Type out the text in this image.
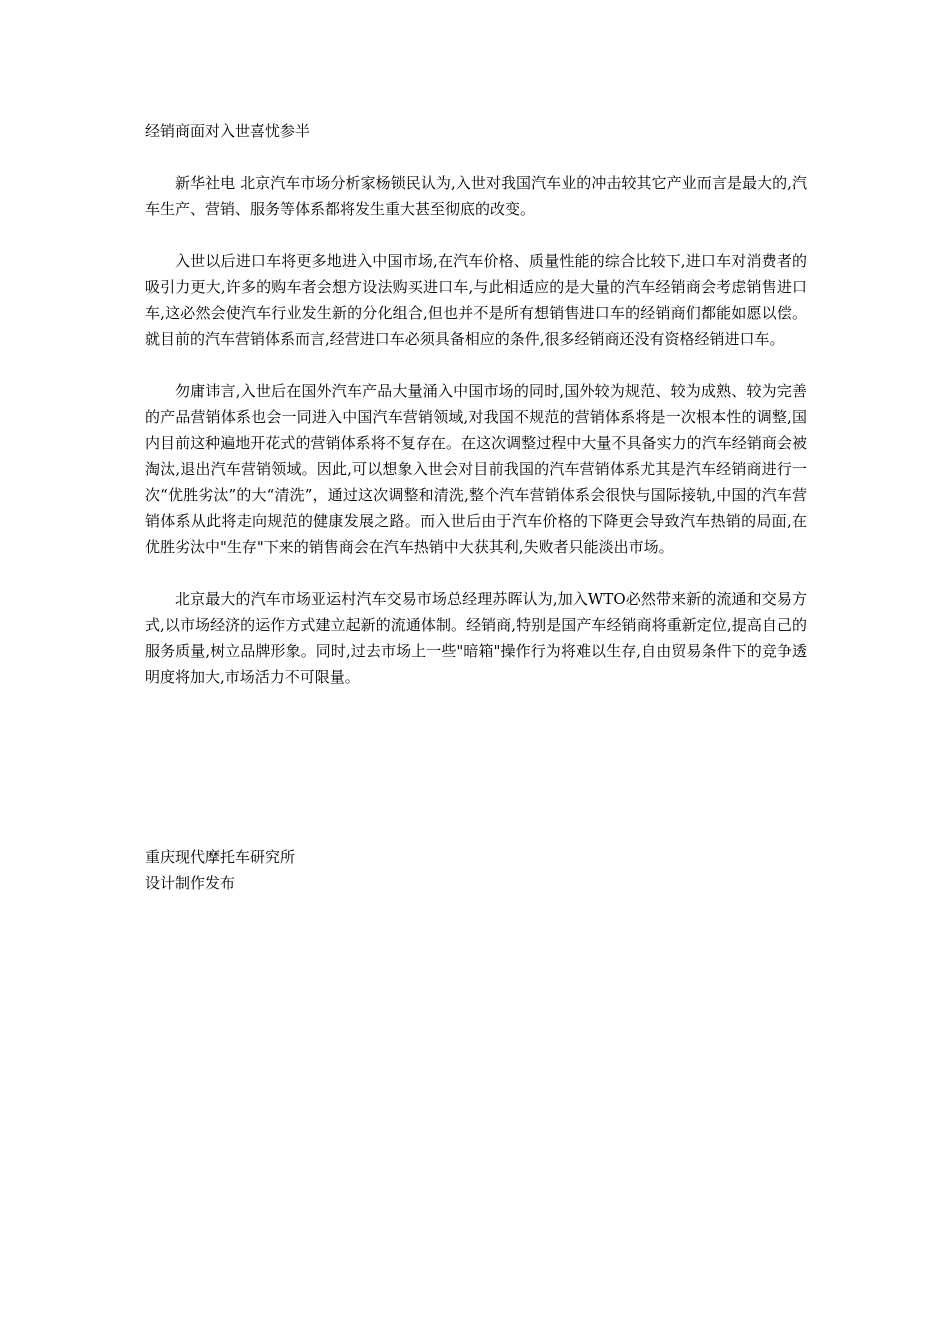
经销商面对入世喜忧参半

新华社电 北京汽车市场分析家杨锁民认为,入世对我国汽车业的冲击较其它产业而言是最大的,汽车生产、营销、服务等体系都将发生重大甚至彻底的改变。

入世以后进口车将更多地进入中国市场,在汽车价格、质量性能的综合比较下,进口车对消费者的吸引力更大,许多的购车者会想方设法购买进口车,与此相适应的是大量的汽车经销商会考虑销售进口车,这必然会使汽车行业发生新的分化组合,但也并不是所有想销售进口车的经销商们都能如愿以偿。就目前的汽车营销体系而言,经营进口车必须具备相应的条件,很多经销商还没有资格经销进口车。

勿庸讳言,入世后在国外汽车产品大量涌入中国市场的同时,国外较为规范、较为成熟、较为完善的产品营销体系也会一同进入中国汽车营销领域,对我国不规范的营销体系将是一次根本性的调整,国内目前这种遍地开花式的营销体系将不复存在。在这次调整过程中大量不具备实力的汽车经销商会被淘汰,退出汽车营销领域。因此,可以想象入世会对目前我国的汽车营销体系尤其是汽车经销商进行一次“优胜劣汰”的大“清洗”，通过这次调整和清洗,整个汽车营销体系会很快与国际接轨,中国的汽车营销体系从此将走向规范的健康发展之路。而入世后由于汽车价格的下降更会导致汽车热销的局面,在优胜劣汰中"生存"下来的销售商会在汽车热销中大获其利,失败者只能淡出市场。

北京最大的汽车市场亚运村汽车交易市场总经理苏晖认为,加入WTO必然带来新的流通和交易方式,以市场经济的运作方式建立起新的流通体制。经销商,特别是国产车经销商将重新定位,提高自己的服务质量,树立品牌形象。同时,过去市场上一些"暗箱"操作行为将难以生存,自由贸易条件下的竞争透明度将加大,市场活力不可限量。

重庆现代摩托车研究所
设计制作发布
